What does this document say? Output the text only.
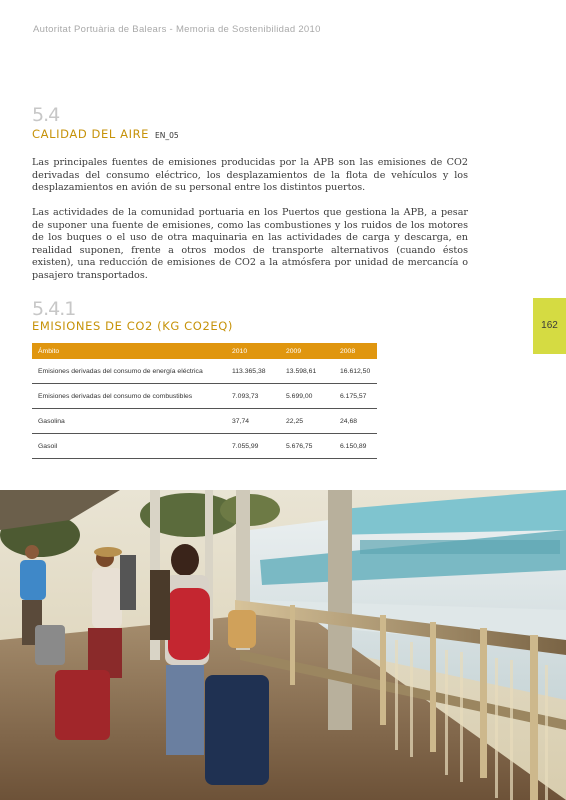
Autoritat Portuària de Balears - Memoria de Sostenibilidad 2010
5.4
CALIDAD DEL AIRE EN_05

Las principales fuentes de emisiones producidas por la APB son las emisiones de CO2 derivadas del consumo eléctrico, los desplazamientos de la flota de vehículos y los desplazamientos en avión de su personal entre los distintos puertos.

Las actividades de la comunidad portuaria en los Puertos que gestiona la APB, a pesar de suponer una fuente de emisiones, como las combustiones y los ruidos de los motores de los buques o el uso de otra maquinaria en las actividades de carga y descarga, en realidad suponen, frente a otros modos de transporte alternativos (cuando éstos existen), una reducción de emisiones de CO2 a la atmósfera por unidad de mercancía o pasajero transportados.

5.4.1
EMISIONES DE CO2 (KG CO2EQ)	162
Ámbito	2010	2009	2008
Emisiones derivadas del consumo de energía eléctrica	113.365,38	13.598,61	16.612,50
Emisiones derivadas del consumo de combustibles	7.093,73	5.699,00	6.175,57
Gasolina	37,74	22,25	24,68
Gasoil	7.055,99	5.676,75	6.150,89
